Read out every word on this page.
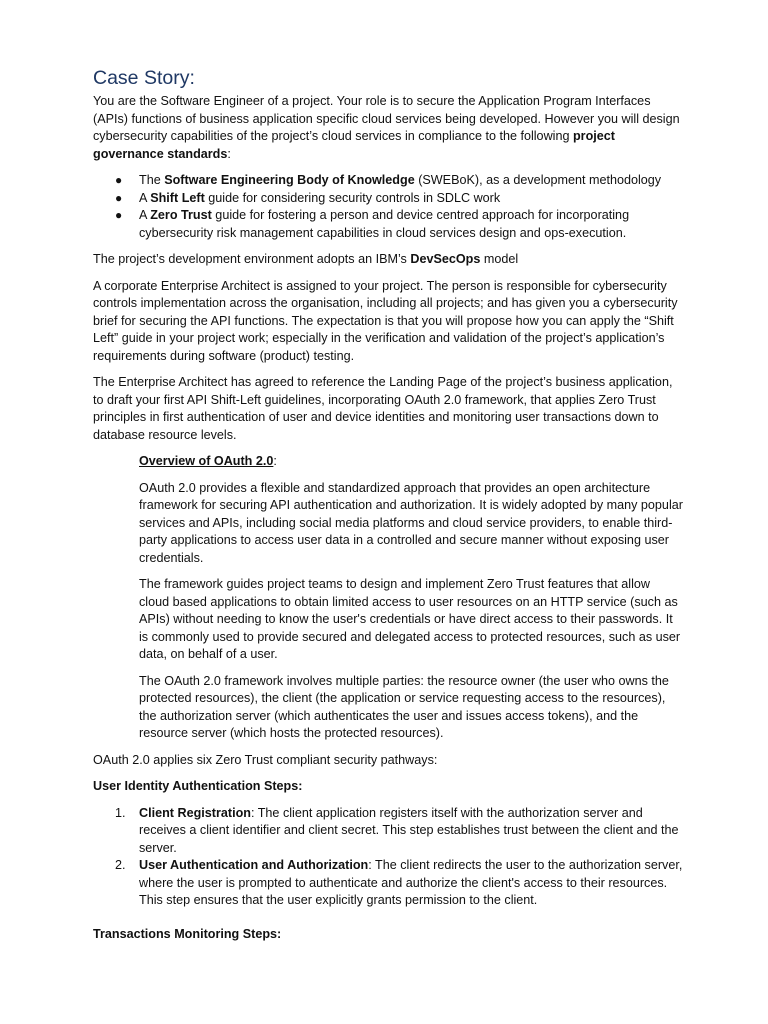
Case Story:

You are the Software Engineer of a project. Your role is to secure the Application Program Interfaces (APIs) functions of business application specific cloud services being developed. However you will design cybersecurity capabilities of the project’s cloud services in compliance to the following project governance standards:

● The Software Engineering Body of Knowledge (SWEBoK), as a development methodology
● A Shift Left guide for considering security controls in SDLC work
● A Zero Trust guide for fostering a person and device centred approach for incorporating cybersecurity risk management capabilities in cloud services design and ops-execution.

The project’s development environment adopts an IBM’s DevSecOps model

A corporate Enterprise Architect is assigned to your project. The person is responsible for cybersecurity controls implementation across the organisation, including all projects; and has given you a cybersecurity brief for securing the API functions. The expectation is that you will propose how you can apply the “Shift Left” guide in your project work; especially in the verification and validation of the project’s application’s requirements during software (product) testing.

The Enterprise Architect has agreed to reference the Landing Page of the project’s business application, to draft your first API Shift-Left guidelines, incorporating OAuth 2.0 framework, that applies Zero Trust principles in first authentication of user and device identities and monitoring user transactions down to database resource levels.

Overview of OAuth 2.0:

OAuth 2.0 provides a flexible and standardized approach that provides an open architecture framework for securing API authentication and authorization. It is widely adopted by many popular services and APIs, including social media platforms and cloud service providers, to enable third-party applications to access user data in a controlled and secure manner without exposing user credentials.

The framework guides project teams to design and implement Zero Trust features that allow cloud based applications to obtain limited access to user resources on an HTTP service (such as APIs) without needing to know the user's credentials or have direct access to their passwords. It is commonly used to provide secured and delegated access to protected resources, such as user data, on behalf of a user.

The OAuth 2.0 framework involves multiple parties: the resource owner (the user who owns the protected resources), the client (the application or service requesting access to the resources), the authorization server (which authenticates the user and issues access tokens), and the resource server (which hosts the protected resources).

OAuth 2.0 applies six Zero Trust compliant security pathways:

User Identity Authentication Steps:

1. Client Registration: The client application registers itself with the authorization server and receives a client identifier and client secret. This step establishes trust between the client and the server.
2. User Authentication and Authorization: The client redirects the user to the authorization server, where the user is prompted to authenticate and authorize the client's access to their resources. This step ensures that the user explicitly grants permission to the client.

Transactions Monitoring Steps:
